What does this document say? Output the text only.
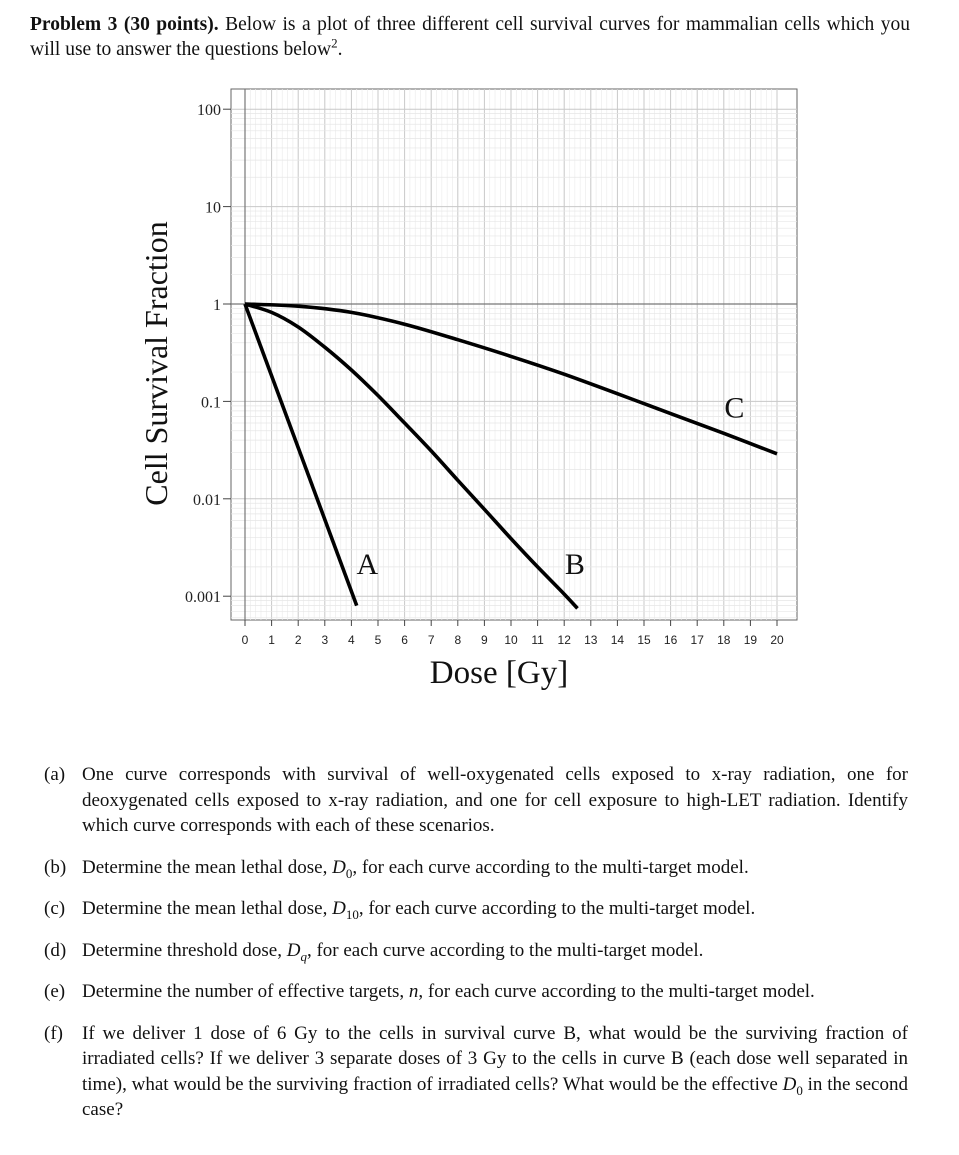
Problem 3 (30 points). Below is a plot of three different cell survival curves for mammalian cells which you will use to answer the questions below$^2$.
100
10
1
0.1
0.01
0.001
0 1 2 3 4 5 6 7 8 9 10 11 12 13 14 15 16 17 18 19 20
Dose [Gy]
Cell Survival Fraction
A	B
C
(a) One curve corresponds with survival of well-oxygenated cells exposed to x-ray radiation, one for deoxygenated cells exposed to x-ray radiation, and one for cell exposure to high-LET radiation. Identify which curve corresponds with each of these scenarios.
(b) Determine the mean lethal dose, $D_0$, for each curve according to the multi-target model.
(c) Determine the mean lethal dose, $D_{10}$, for each curve according to the multi-target model.
(d) Determine threshold dose, $D_q$, for each curve according to the multi-target model.
(e) Determine the number of effective targets, n, for each curve according to the multi-target model.
(f)	If we deliver 1 dose of 6 Gy to the cells in survival curve B, what would be the surviving fraction of irradiated cells? If we deliver 3 separate doses of 3 Gy to the cells in curve B (each dose well separated in time), what would be the surviving fraction of irradiated cells? What would be the effective $D_0$ in the second case?
